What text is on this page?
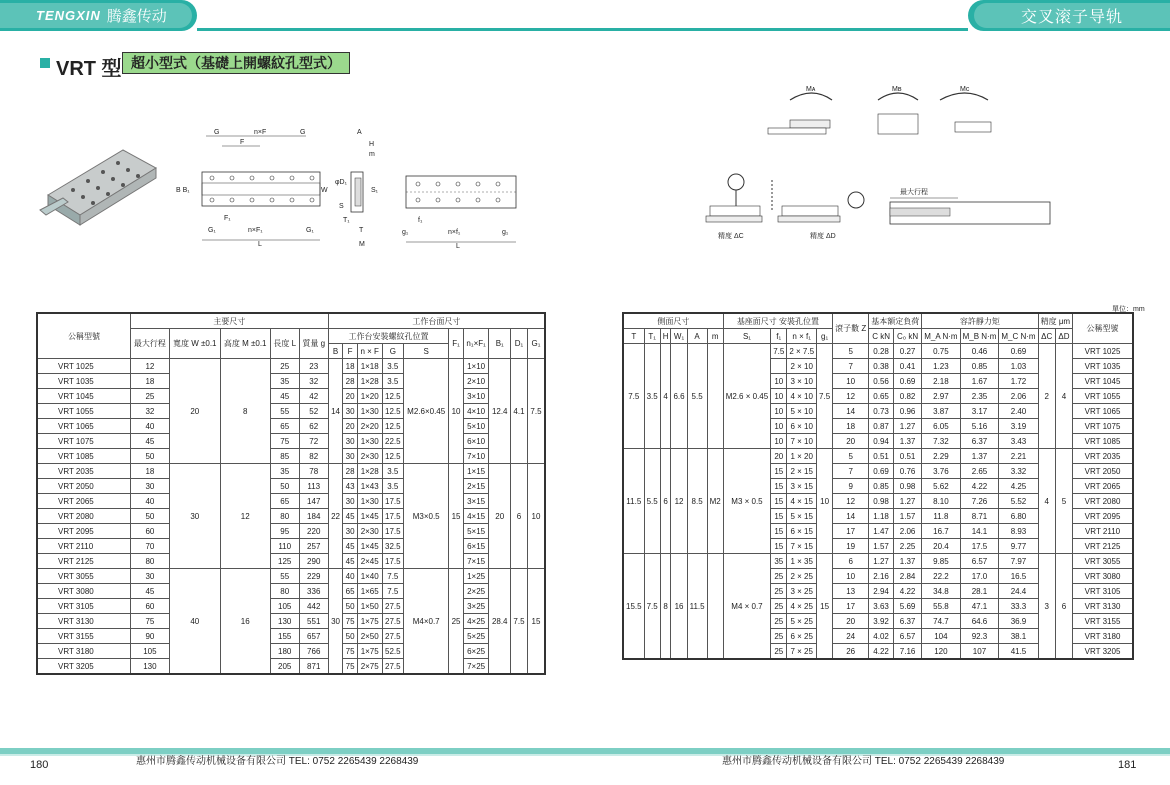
TENGXIN 腾鑫传动	交叉滚子导轨
VRT 型 超小型式（基礎上開螺紋孔型式）
G	n×F	G
F
B B₁
F₁
G₁	n×F₁	G₁
L
A
H
m
φD₁
W	S₁
S
T₁
T
M
f₁
g₁	n×f₁	g₁
L
Mᴀ	Mʙ	Mᴄ
精度 ΔC	精度 ΔD
最大行程
單位：mm
公稱型號	主要尺寸					工作台面尺寸									
	最大行程	寬度 W ±0.1	高度 M ±0.1	長度 L	質量 g	工作台安裝螺紋孔位置					F₁	n₁×F₁	B₁	D₁	G₁
						B	F	n × F	G	S					
VRT 1025	12	20	8	25	23	14	18	1×18	3.5	M2.6×0.45	10	1×10	12.4	4.1	7.5
VRT 1035	18			35	32		28	1×28	3.5			2×10			
VRT 1045	25			45	42		20	1×20	12.5			3×10			
VRT 1055	32			55	52		30	1×30	12.5			4×10			
VRT 1065	40			65	62		20	2×20	12.5			5×10			
VRT 1075	45			75	72		30	1×30	22.5			6×10			
VRT 1085	50			85	82		30	2×30	12.5			7×10			
VRT 2035	18	30	12	35	78	22	28	1×28	3.5	M3×0.5	15	1×15	20	6	10
VRT 2050	30			50	113		43	1×43	3.5			2×15			
VRT 2065	40			65	147		30	1×30	17.5			3×15			
VRT 2080	50			80	184		45	1×45	17.5			4×15			
VRT 2095	60			95	220		30	2×30	17.5			5×15			
VRT 2110	70			110	257		45	1×45	32.5			6×15			
VRT 2125	80			125	290		45	2×45	17.5			7×15			
VRT 3055	30	40	16	55	229	30	40	1×40	7.5	M4×0.7	25	1×25	28.4	7.5	15
VRT 3080	45			80	336		65	1×65	7.5			2×25			
VRT 3105	60			105	442		50	1×50	27.5			3×25			
VRT 3130	75			130	551		75	1×75	27.5			4×25			
VRT 3155	90			155	657		50	2×50	27.5			5×25			
VRT 3180	105			180	766		75	1×75	52.5			6×25			
VRT 3205	130			205	871		75	2×75	27.5			7×25			
側面尺寸						基座面尺寸 安裝孔位置				滾子數 Z	基本額定負荷		容許靜力矩			精度 μm		公稱型號
T	T₁	H	W₁	A	m	S₁	f₁	n × f₁	g₁		C kN	C₀ kN	M_A N·m	M_B N·m	M_C N·m	ΔC	ΔD	
7.5	3.5	4	6.6	5.5		M2.6 × 0.45	7.5	2 × 7.5	7.5	5	0.28	0.27	0.75	0.46	0.69	2	4	VRT 1025
								2 × 10		7	0.38	0.41	1.23	0.85	1.03			VRT 1035
							10	3 × 10		10	0.56	0.69	2.18	1.67	1.72			VRT 1045
							10	4 × 10		12	0.65	0.82	2.97	2.35	2.06			VRT 1055
							10	5 × 10		14	0.73	0.96	3.87	3.17	2.40			VRT 1065
							10	6 × 10		18	0.87	1.27	6.05	5.16	3.19			VRT 1075
							10	7 × 10		20	0.94	1.37	7.32	6.37	3.43			VRT 1085
11.5	5.5	6	12	8.5	M2	M3 × 0.5	20	1 × 20	10	5	0.51	0.51	2.29	1.37	2.21	4	5	VRT 2035
							15	2 × 15		7	0.69	0.76	3.76	2.65	3.32			VRT 2050
							15	3 × 15		9	0.85	0.98	5.62	4.22	4.25			VRT 2065
							15	4 × 15		12	0.98	1.27	8.10	7.26	5.52			VRT 2080
							15	5 × 15		14	1.18	1.57	11.8	8.71	6.80			VRT 2095
							15	6 × 15		17	1.47	2.06	16.7	14.1	8.93			VRT 2110
							15	7 × 15		19	1.57	2.25	20.4	17.5	9.77			VRT 2125
15.5	7.5	8	16	11.5		M4 × 0.7	35	1 × 35	15	6	1.27	1.37	9.85	6.57	7.97	3	6	VRT 3055
							25	2 × 25		10	2.16	2.84	22.2	17.0	16.5			VRT 3080
							25	3 × 25		13	2.94	4.22	34.8	28.1	24.4			VRT 3105
							25	4 × 25		17	3.63	5.69	55.8	47.1	33.3			VRT 3130
							25	5 × 25		20	3.92	6.37	74.7	64.6	36.9			VRT 3155
							25	6 × 25		24	4.02	6.57	104	92.3	38.1			VRT 3180
							25	7 × 25		26	4.22	7.16	120	107	41.5			VRT 3205
180	惠州市腾鑫传动机械设备有限公司 TEL: 0752 2265439 2268439	惠州市腾鑫传动机械设备有限公司 TEL: 0752 2265439 2268439	181
